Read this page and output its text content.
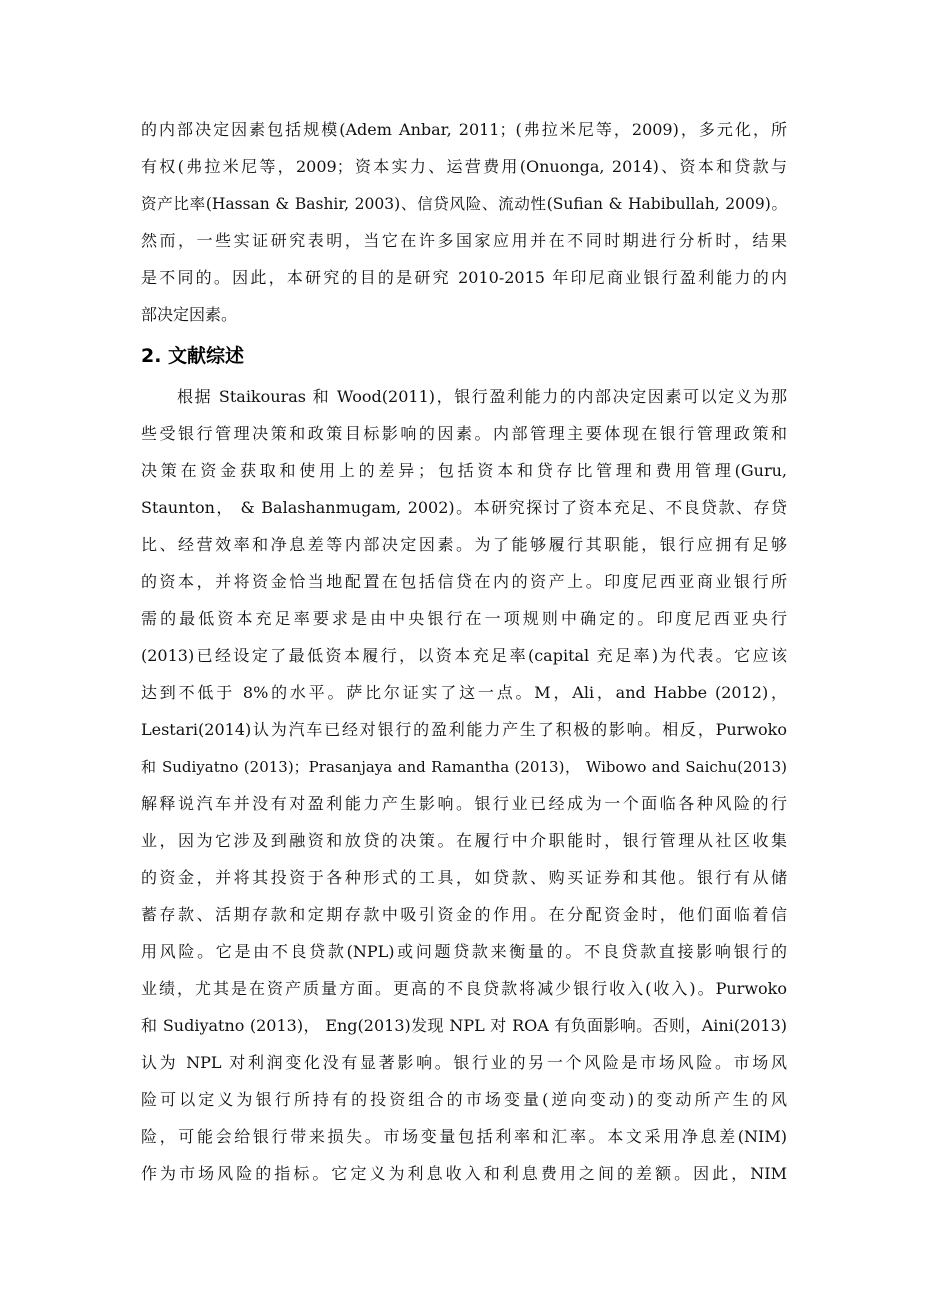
的内部决定因素包括规模(Adem Anbar, 2011；(弗拉米尼等，2009)，多元化，所
有权(弗拉米尼等，2009；资本实力、运营费用(Onuonga, 2014)、资本和贷款与
资产比率(Hassan & Bashir, 2003)、信贷风险、流动性(Sufian & Habibullah, 2009)。
然而，一些实证研究表明，当它在许多国家应用并在不同时期进行分析时，结果
是不同的。因此，本研究的目的是研究 2010-2015 年印尼商业银行盈利能力的内
部决定因素。
2. 文献综述
根据 Staikouras 和 Wood(2011)，银行盈利能力的内部决定因素可以定义为那
些受银行管理决策和政策目标影响的因素。内部管理主要体现在银行管理政策和
决策在资金获取和使用上的差异；包括资本和贷存比管理和费用管理(Guru,
Staunton， & Balashanmugam, 2002)。本研究探讨了资本充足、不良贷款、存贷
比、经营效率和净息差等内部决定因素。为了能够履行其职能，银行应拥有足够
的资本，并将资金恰当地配置在包括信贷在内的资产上。印度尼西亚商业银行所
需的最低资本充足率要求是由中央银行在一项规则中确定的。印度尼西亚央行
(2013)已经设定了最低资本履行，以资本充足率(capital 充足率)为代表。它应该
达到不低于 8%的水平。萨比尔证实了这一点。M，Ali，and Habbe (2012)，
Lestari(2014)认为汽车已经对银行的盈利能力产生了积极的影响。相反，Purwoko
和 Sudiyatno (2013)；Prasanjaya and Ramantha (2013)， Wibowo and Saichu(2013)
解释说汽车并没有对盈利能力产生影响。银行业已经成为一个面临各种风险的行
业，因为它涉及到融资和放贷的决策。在履行中介职能时，银行管理从社区收集
的资金，并将其投资于各种形式的工具，如贷款、购买证券和其他。银行有从储
蓄存款、活期存款和定期存款中吸引资金的作用。在分配资金时，他们面临着信
用风险。它是由不良贷款(NPL)或问题贷款来衡量的。不良贷款直接影响银行的
业绩，尤其是在资产质量方面。更高的不良贷款将减少银行收入(收入)。Purwoko
和 Sudiyatno (2013)， Eng(2013)发现 NPL 对 ROA 有负面影响。否则，Aini(2013)
认为 NPL 对利润变化没有显著影响。银行业的另一个风险是市场风险。市场风
险可以定义为银行所持有的投资组合的市场变量(逆向变动)的变动所产生的风
险，可能会给银行带来损失。市场变量包括利率和汇率。本文采用净息差(NIM)
作为市场风险的指标。它定义为利息收入和利息费用之间的差额。因此，NIM
